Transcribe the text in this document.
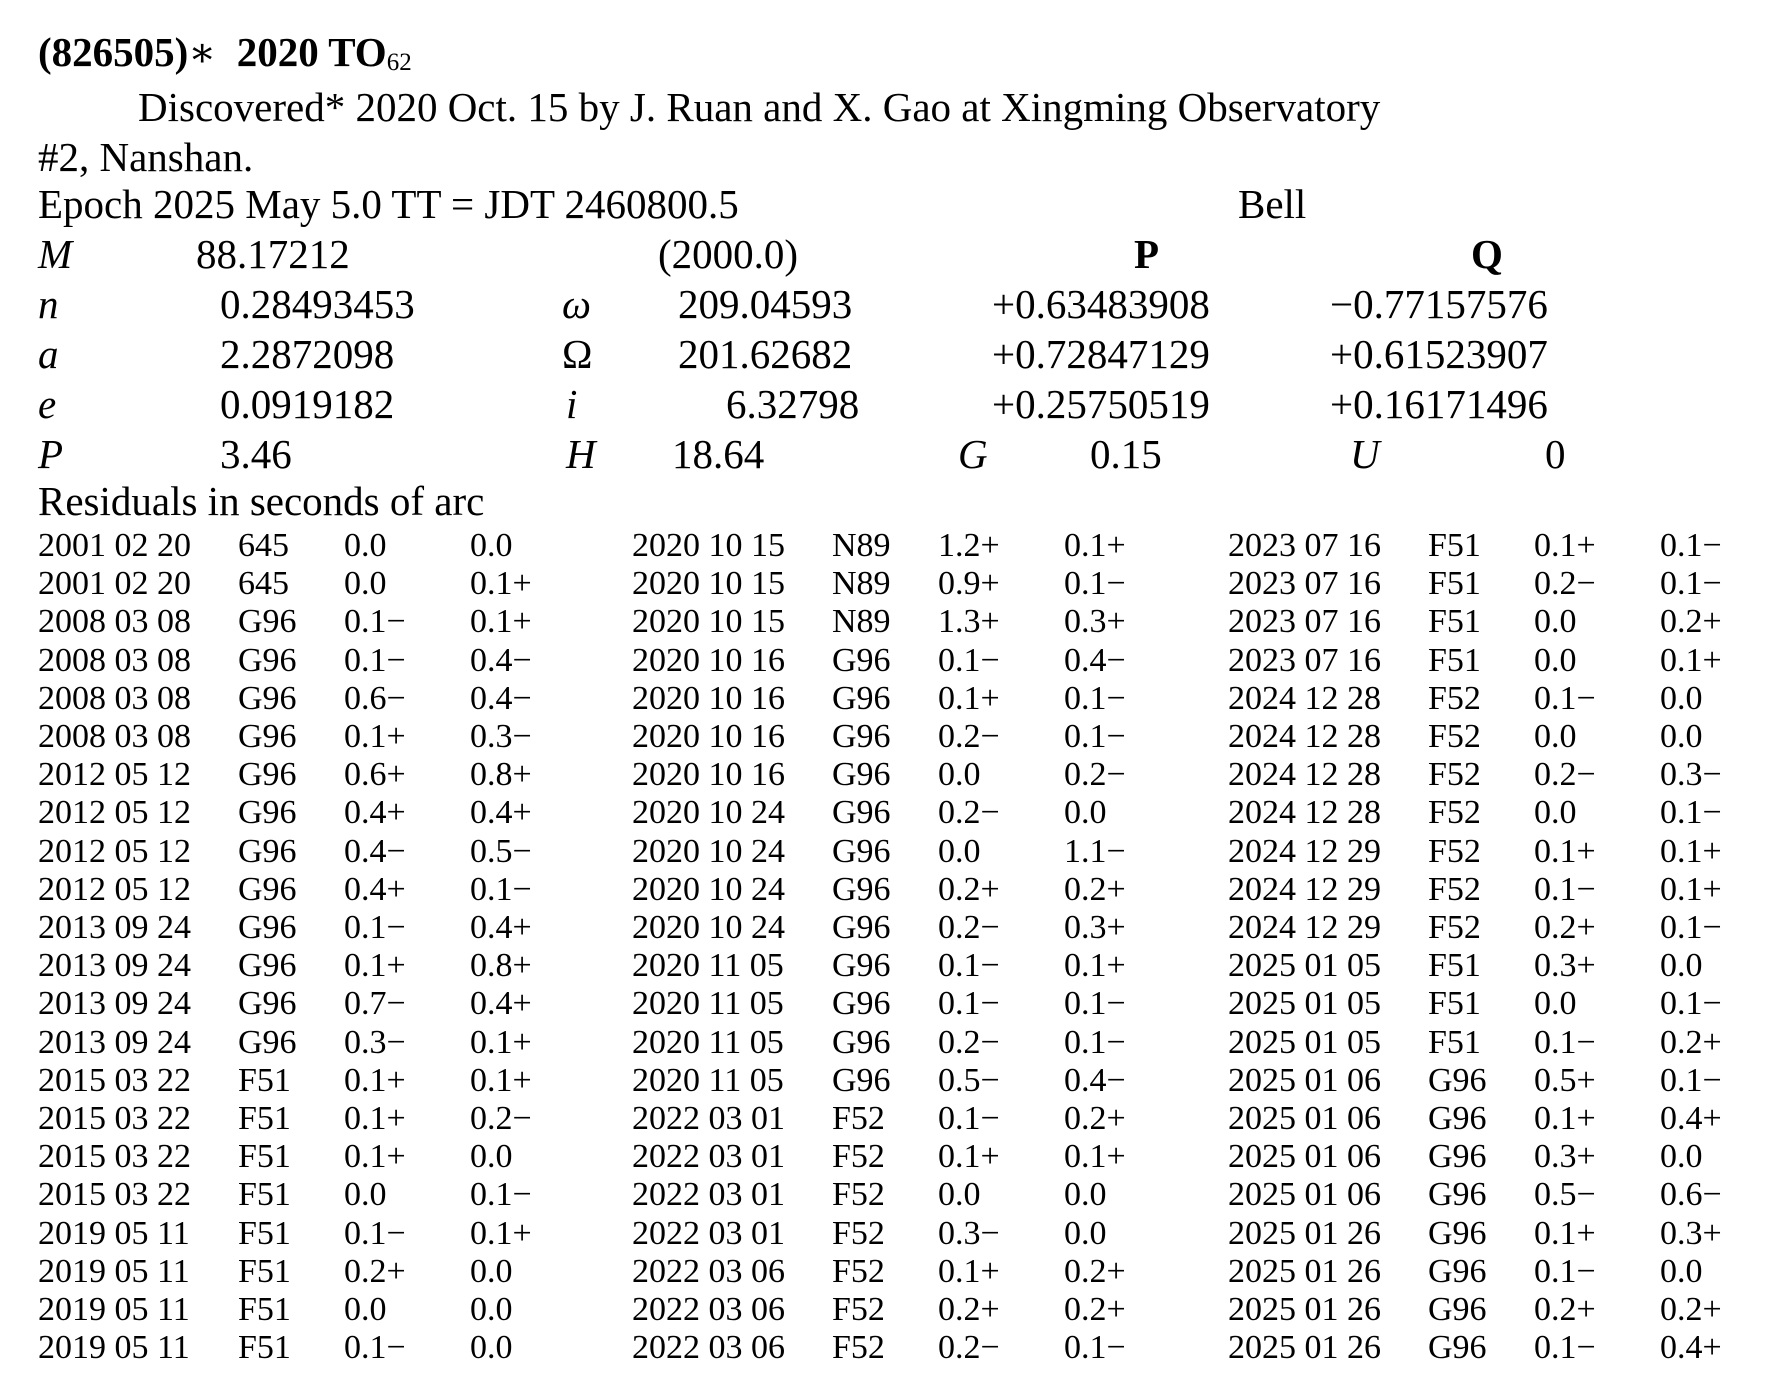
(826505)∗ 2020 $TO_{62}$
Discovered* 2020 Oct. 15 by J. Ruan and X. Gao at Xingming Observatory
#2, Nanshan.
Epoch 2025 May 5.0 TT = JDT 2460800.5	Bell
M	88.17212	(2000.0)	P	Q
n	0.28493453	ω 209.04593	+0.63483908	−0.77157576
a	2.2872098	Ω 201.62682	+0.72847129	+0.61523907
e	0.0919182	i	6.32798	+0.25750519	+0.16171496
P	3.46	H 18.64	G 0.15	U	0
Residuals in seconds of arc
2001 02 20 645 0.0 0.0
2001 02 20 645 0.0 0.1+
2008 03 08 G96 0.1− 0.1+
2008 03 08 G96 0.1− 0.4−
2008 03 08 G96 0.6− 0.4−
2008 03 08 G96 0.1+ 0.3−
2012 05 12 G96 0.6+ 0.8+
2012 05 12 G96 0.4+ 0.4+
2012 05 12 G96 0.4− 0.5−
2012 05 12 G96 0.4+ 0.1−
2013 09 24 G96 0.1− 0.4+
2013 09 24 G96 0.1+ 0.8+
2013 09 24 G96 0.7− 0.4+
2013 09 24 G96 0.3− 0.1+
2015 03 22 F51 0.1+ 0.1+
2015 03 22 F51 0.1+ 0.2−
2015 03 22 F51 0.1+ 0.0
2015 03 22 F51 0.0 0.1−
2019 05 11 F51 0.1− 0.1+
2019 05 11 F51 0.2+ 0.0
2019 05 11 F51 0.0 0.0
2019 05 11 F51 0.1− 0.0
2020 10 15 N89 1.2+ 0.1+
2020 10 15 N89 0.9+ 0.1−
2020 10 15 N89 1.3+ 0.3+
2020 10 16 G96 0.1− 0.4−
2020 10 16 G96 0.1+ 0.1−
2020 10 16 G96 0.2− 0.1−
2020 10 16 G96 0.0 0.2−
2020 10 24 G96 0.2− 0.0
2020 10 24 G96 0.0 1.1−
2020 10 24 G96 0.2+ 0.2+
2020 10 24 G96 0.2− 0.3+
2020 11 05 G96 0.1− 0.1+
2020 11 05 G96 0.1− 0.1−
2020 11 05 G96 0.2− 0.1−
2020 11 05 G96 0.5− 0.4−
2022 03 01 F52 0.1− 0.2+
2022 03 01 F52 0.1+ 0.1+
2022 03 01 F52 0.0 0.0
2022 03 01 F52 0.3− 0.0
2022 03 06 F52 0.1+ 0.2+
2022 03 06 F52 0.2+ 0.2+
2022 03 06 F52 0.2− 0.1−
2023 07 16 F51 0.1+ 0.1−
2023 07 16 F51 0.2− 0.1−
2023 07 16 F51 0.0 0.2+
2023 07 16 F51 0.0 0.1+
2024 12 28 F52 0.1− 0.0
2024 12 28 F52 0.0 0.0
2024 12 28 F52 0.2− 0.3−
2024 12 28 F52 0.0 0.1−
2024 12 29 F52 0.1+ 0.1+
2024 12 29 F52 0.1− 0.1+
2024 12 29 F52 0.2+ 0.1−
2025 01 05 F51 0.3+ 0.0
2025 01 05 F51 0.0 0.1−
2025 01 05 F51 0.1− 0.2+
2025 01 06 G96 0.5+ 0.1−
2025 01 06 G96 0.1+ 0.4+
2025 01 06 G96 0.3+ 0.0
2025 01 06 G96 0.5− 0.6−
2025 01 26 G96 0.1+ 0.3+
2025 01 26 G96 0.1− 0.0
2025 01 26 G96 0.2+ 0.2+
2025 01 26 G96 0.1− 0.4+
